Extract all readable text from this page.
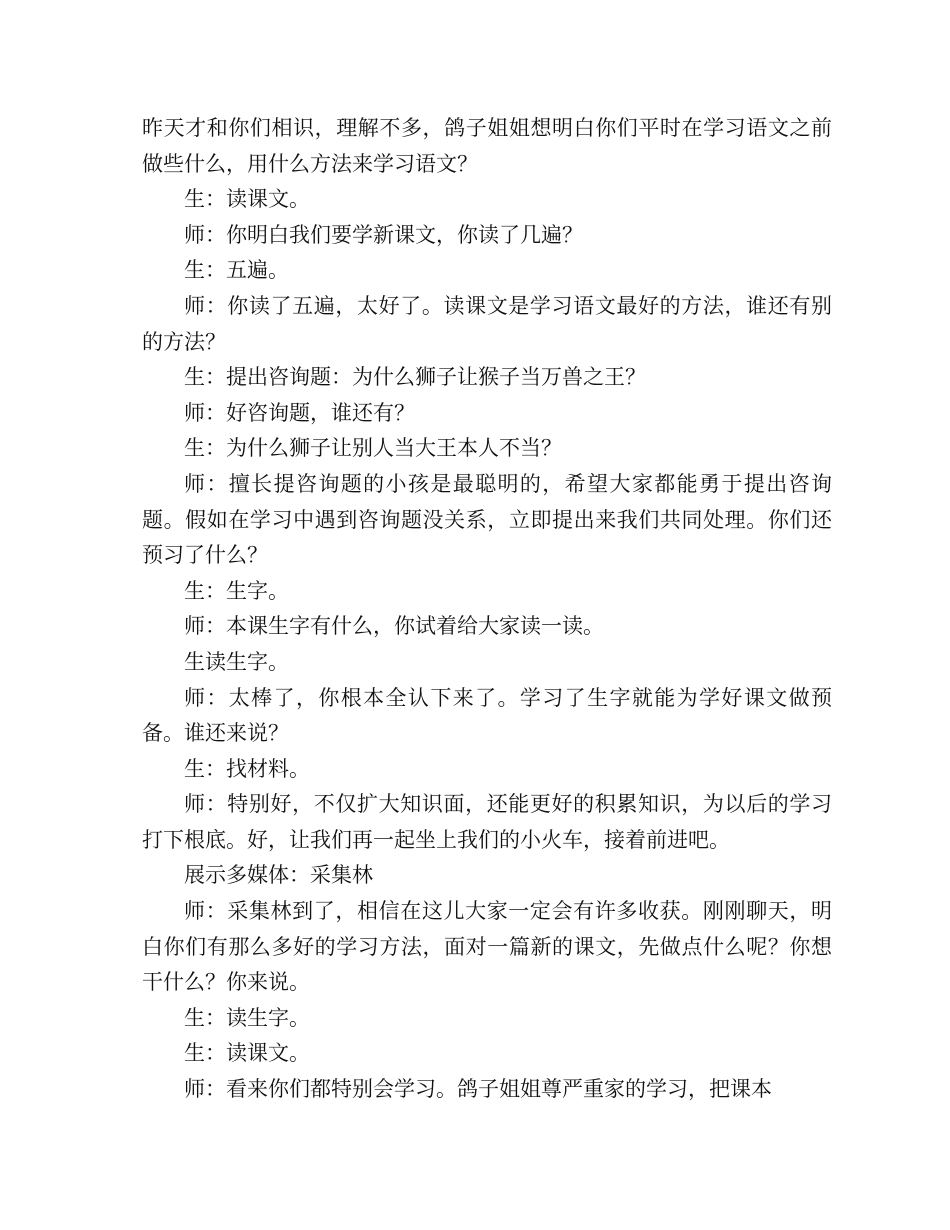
昨天才和你们相识，理解不多，鸽子姐姐想明白你们平时在学习语文之前做些什么，用什么方法来学习语文？

生：读课文。

师：你明白我们要学新课文，你读了几遍？

生：五遍。

师：你读了五遍，太好了。读课文是学习语文最好的方法，谁还有别的方法？

生：提出咨询题：为什么狮子让猴子当万兽之王？

师：好咨询题，谁还有？

生：为什么狮子让别人当大王本人不当？

师：擅长提咨询题的小孩是最聪明的，希望大家都能勇于提出咨询题。假如在学习中遇到咨询题没关系，立即提出来我们共同处理。你们还预习了什么？

生：生字。

师：本课生字有什么，你试着给大家读一读。

生读生字。

师：太棒了，你根本全认下来了。学习了生字就能为学好课文做预备。谁还来说？

生：找材料。

师：特别好，不仅扩大知识面，还能更好的积累知识，为以后的学习打下根底。好，让我们再一起坐上我们的小火车，接着前进吧。

展示多媒体：采集林

师：采集林到了，相信在这儿大家一定会有许多收获。刚刚聊天，明白你们有那么多好的学习方法，面对一篇新的课文，先做点什么呢？你想干什么？你来说。

生：读生字。

生：读课文。

师：看来你们都特别会学习。鸽子姐姐尊严重家的学习，把课本
